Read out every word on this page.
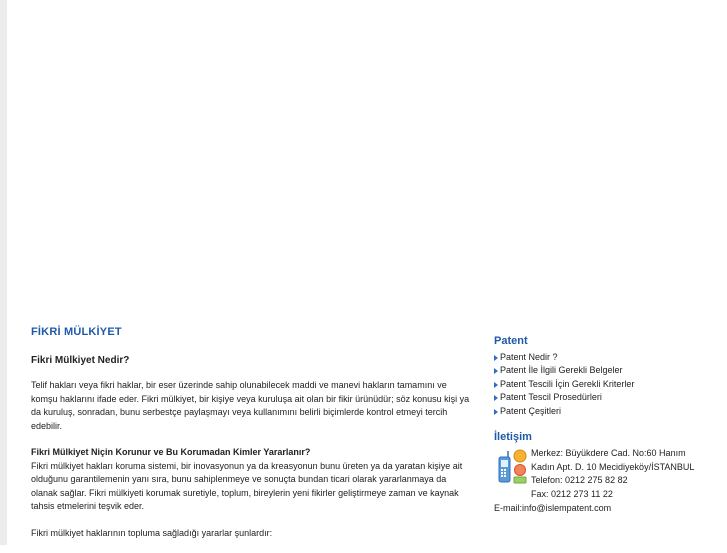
FİKRİ MÜLKİYET
Fikri Mülkiyet Nedir?

Telif hakları veya fikri haklar, bir eser üzerinde sahip olunabilecek maddi ve manevi hakların tamamını ve komşu haklarını ifade eder. Fikri mülkiyet, bir kişiye veya kuruluşa ait olan bir fikir ürünüdür; söz konusu kişi ya da kuruluş, sonradan, bunu serbestçe paylaşmayı veya kullanımını belirli biçimlerde kontrol etmeyi tercih edebilir.

Fikri Mülkiyet Niçin Korunur ve Bu Korumadan Kimler Yararlanır?

Fikri mülkiyet hakları koruma sistemi, bir inovasyonun ya da kreasyonun bunu üreten ya da yaratan kişiye ait olduğunu garantilemenin yanı sıra, bunu sahiplenmeye ve sonuçta bundan ticari olarak yararlanmaya da olanak sağlar. Fikri mülkiyeti korumak suretiyle, toplum, bireylerin yeni fikirler geliştirmeye zaman ve kaynak tahsis etmelerini teşvik eder.

Fikri mülkiyet haklarının topluma sağladığı yararlar şunlardır:

Patent
Patent Nedir ?
Patent İle İlgili Gerekli Belgeler
Patent Tescili İçin Gerekli Kriterler
Patent Tescil Prosedürleri
Patent Çeşitleri
İletişim
Merkez: Büyükdere Cad. No:60 Hanım
Kadın Apt. D. 10 Mecidiyeköy/İSTANBUL
Telefon: 0212 275 82 82
Fax: 0212 273 11 22
E-mail:info@islempatent.com
